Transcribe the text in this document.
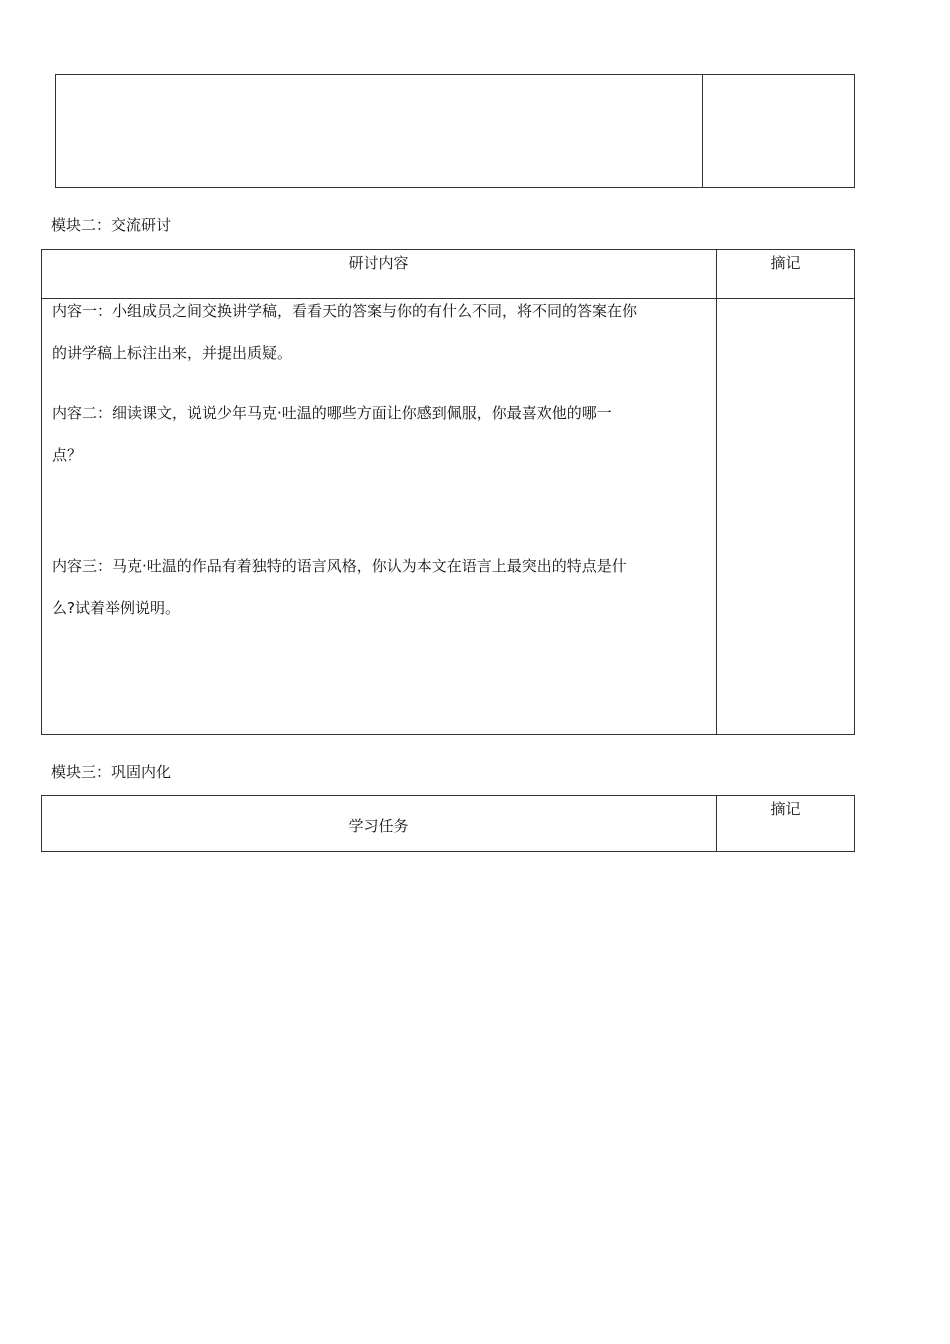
模块二：交流研讨
研讨内容	摘记
内容一：小组成员之间交换讲学稿，看看天的答案与你的有什么不同，将不同的答案在你
的讲学稿上标注出来，并提出质疑。
内容二：细读课文，说说少年马克·吐温的哪些方面让你感到佩服，你最喜欢他的哪一
点？
内容三：马克·吐温的作品有着独特的语言风格，你认为本文在语言上最突出的特点是什
么?试着举例说明。
模块三：巩固内化
学习任务
摘记
